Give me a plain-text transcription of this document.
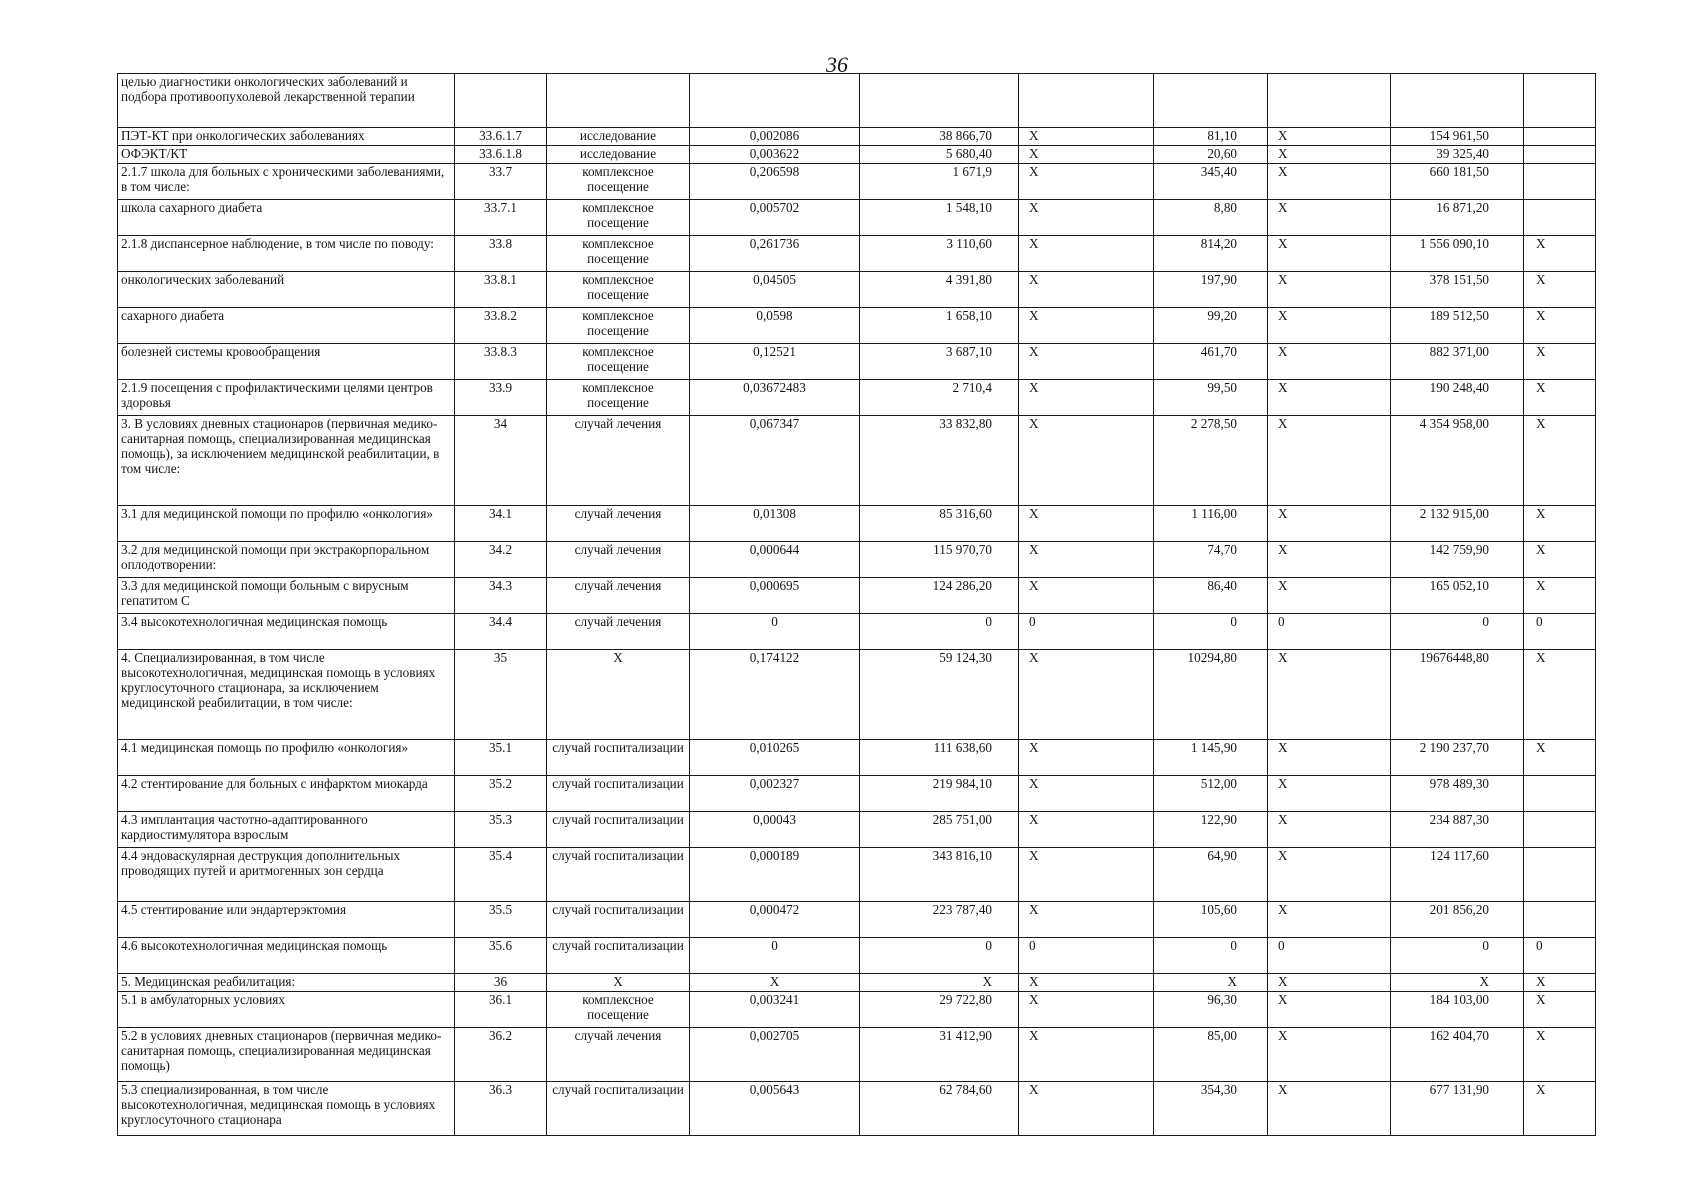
36
целью диагностики онкологических заболеваний и подбора противоопухолевой лекарственной терапии									
ПЭТ-КТ при онкологических заболеваниях	33.6.1.7	исследование	0,002086	38 866,70	Х	81,10	Х	154 961,50	
ОФЭКТ/КТ	33.6.1.8	исследование	0,003622	5 680,40	Х	20,60	Х	39 325,40	
2.1.7 школа для больных с хроническими заболеваниями, в том числе:	33.7	комплексное посещение	0,206598	1 671,9	Х	345,40	Х	660 181,50	
школа сахарного диабета	33.7.1	комплексное посещение	0,005702	1 548,10	Х	8,80	Х	16 871,20	
2.1.8 диспансерное наблюдение, в том числе по поводу:	33.8	комплексное посещение	0,261736	3 110,60	Х	814,20	Х	1 556 090,10	Х
онкологических заболеваний	33.8.1	комплексное посещение	0,04505	4 391,80	Х	197,90	Х	378 151,50	Х
сахарного диабета	33.8.2	комплексное посещение	0,0598	1 658,10	Х	99,20	Х	189 512,50	Х
болезней системы кровообращения	33.8.3	комплексное посещение	0,12521	3 687,10	Х	461,70	Х	882 371,00	Х
2.1.9 посещения с профилактическими целями центров здоровья	33.9	комплексное посещение	0,03672483	2 710,4	Х	99,50	Х	190 248,40	Х
3. В условиях дневных стационаров (первичная медико-санитарная помощь, специализированная медицинская помощь), за исключением медицинской реабилитации, в том числе:	34	случай лечения	0,067347	33 832,80	Х	2 278,50	Х	4 354 958,00	Х
3.1 для медицинской помощи по профилю «онкология»	34.1	случай лечения	0,01308	85 316,60	Х	1 116,00	Х	2 132 915,00	Х
3.2 для медицинской помощи при экстракорпоральном оплодотворении:	34.2	случай лечения	0,000644	115 970,70	Х	74,70	Х	142 759,90	Х
3.3 для медицинской помощи больным с вирусным гепатитом С	34.3	случай лечения	0,000695	124 286,20	Х	86,40	Х	165 052,10	Х
3.4 высокотехнологичная медицинская помощь	34.4	случай лечения	0	0	0	0	0	0	0
4. Специализированная, в том числе высокотехнологичная, медицинская помощь в условиях круглосуточного стационара, за исключением медицинской реабилитации, в том числе:	35	Х	0,174122	59 124,30	Х	10294,80	Х	19676448,80	Х
4.1 медицинская помощь по профилю «онкология»	35.1	случай госпитализации	0,010265	111 638,60	Х	1 145,90	Х	2 190 237,70	Х
4.2 стентирование для больных с инфарктом миокарда	35.2	случай госпитализации	0,002327	219 984,10	Х	512,00	Х	978 489,30	
4.3 имплантация частотно-адаптированного кардиостимулятора взрослым	35.3	случай госпитализации	0,00043	285 751,00	Х	122,90	Х	234 887,30	
4.4 эндоваскулярная деструкция дополнительных проводящих путей и аритмогенных зон сердца	35.4	случай госпитализации	0,000189	343 816,10	Х	64,90	Х	124 117,60	
4.5 стентирование или эндартерэктомия	35.5	случай госпитализации	0,000472	223 787,40	Х	105,60	Х	201 856,20	
4.6 высокотехнологичная медицинская помощь	35.6	случай госпитализации	0	0	0	0	0	0	0
5. Медицинская реабилитация:	36	Х	Х	Х	Х	Х	Х	Х	Х
5.1 в амбулаторных условиях	36.1	комплексное посещение	0,003241	29 722,80	Х	96,30	Х	184 103,00	Х
5.2 в условиях дневных стационаров (первичная медико-санитарная помощь, специализированная медицинская помощь)	36.2	случай лечения	0,002705	31 412,90	Х	85,00	Х	162 404,70	Х
5.3 специализированная, в том числе высокотехнологичная, медицинская помощь в условиях круглосуточного стационара	36.3	случай госпитализации	0,005643	62 784,60	Х	354,30	Х	677 131,90	Х
